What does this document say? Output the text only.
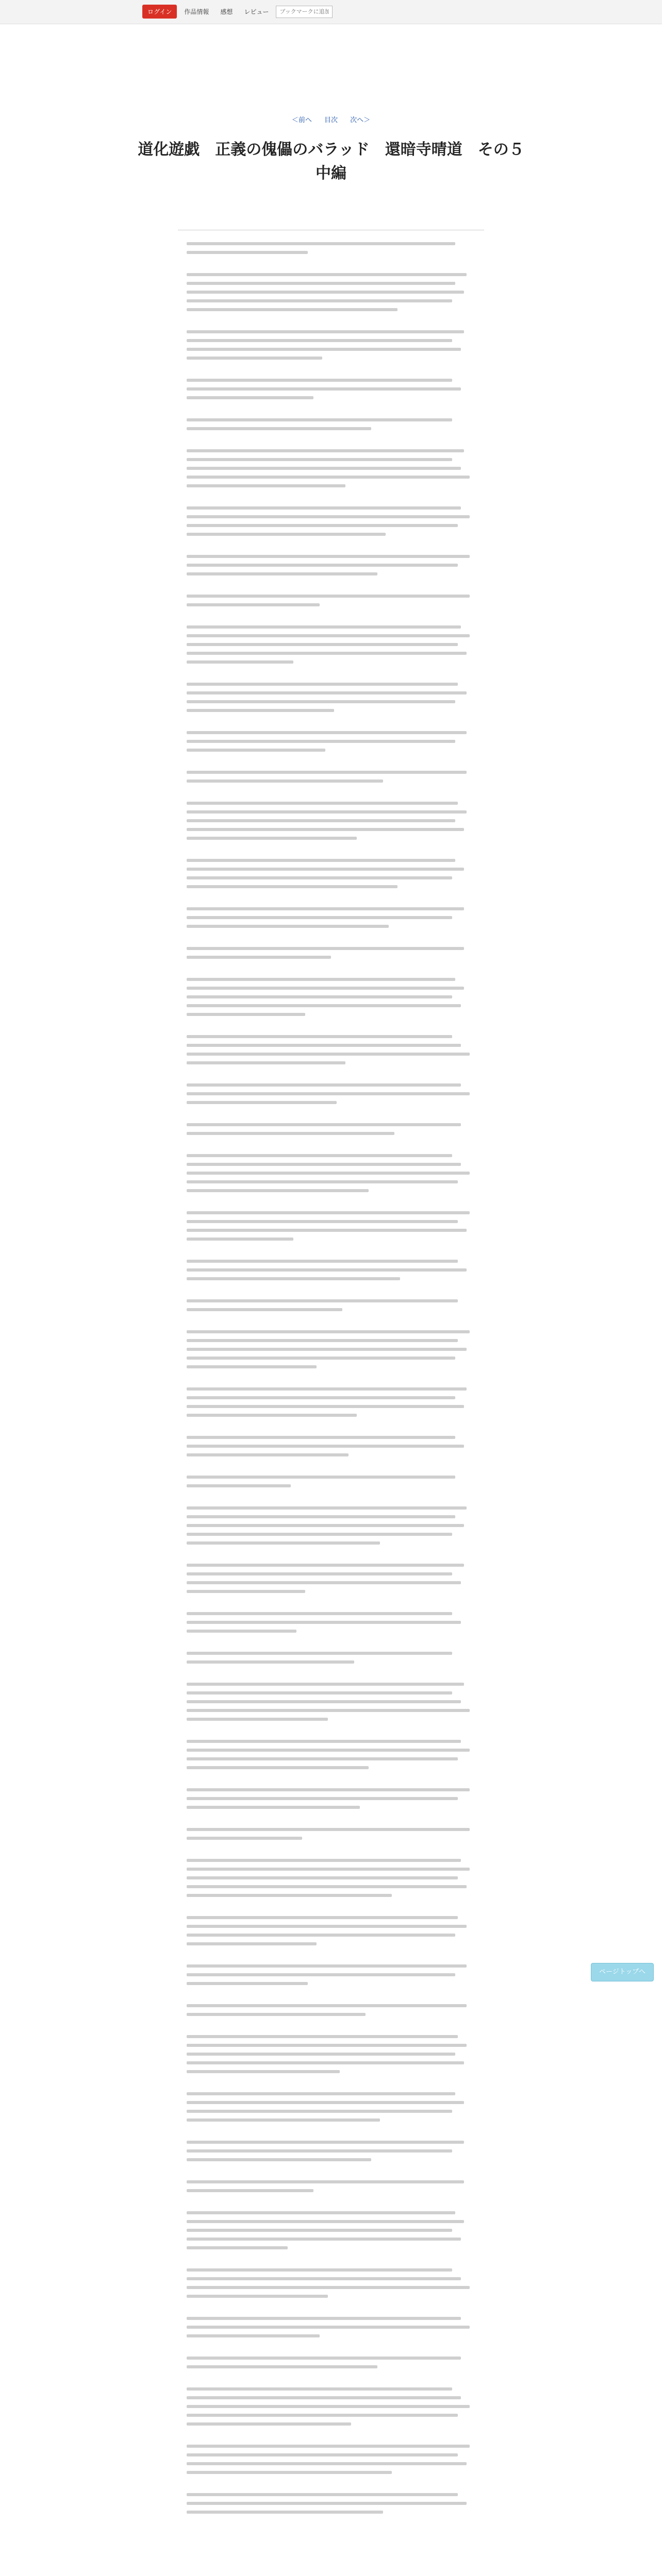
ログイン	作品情報	感想	レビュー
ブックマークに追加
＜前へ 目次 次へ＞
道化遊戯　正義の傀儡のバラッド　還暗寺晴道　その５　中編
ページトップへ
